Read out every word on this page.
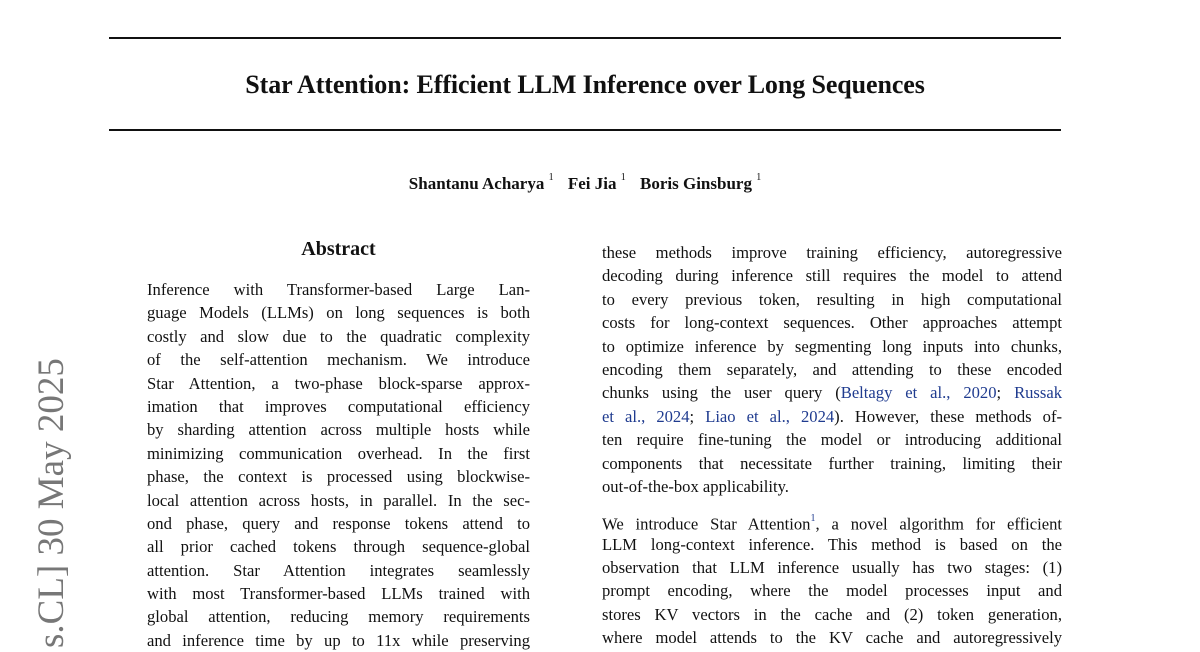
Star Attention: Efficient LLM Inference over Long Sequences
Shantanu Acharya $^1$ Fei Jia $^1$ Boris Ginsburg $^1$
s.CL] 30 May 2025
Abstract
Inference with Transformer-based Large Lan-
guage Models (LLMs) on long sequences is both
costly and slow due to the quadratic complexity
of the self-attention mechanism. We introduce
Star Attention, a two-phase block-sparse approx-
imation that improves computational efficiency
by sharding attention across multiple hosts while
minimizing communication overhead. In the first
phase, the context is processed using blockwise-
local attention across hosts, in parallel. In the sec-
ond phase, query and response tokens attend to
all prior cached tokens through sequence-global
attention. Star Attention integrates seamlessly
with most Transformer-based LLMs trained with
global attention, reducing memory requirements
and inference time by up to 11x while preserving
these methods improve training efficiency, autoregressive
decoding during inference still requires the model to attend
to every previous token, resulting in high computational
costs for long-context sequences. Other approaches attempt
to optimize inference by segmenting long inputs into chunks,
encoding them separately, and attending to these encoded
chunks using the user query (Beltagy et al., 2020; Russak
et al., 2024; Liao et al., 2024). However, these methods of-
ten require fine-tuning the model or introducing additional
components that necessitate further training, limiting their
out-of-the-box applicability.
We introduce Star Attention$^1$, a novel algorithm for efficient
LLM long-context inference. This method is based on the
observation that LLM inference usually has two stages: (1)
prompt encoding, where the model processes input and
stores KV vectors in the cache and (2) token generation,
where model attends to the KV cache and autoregressively
